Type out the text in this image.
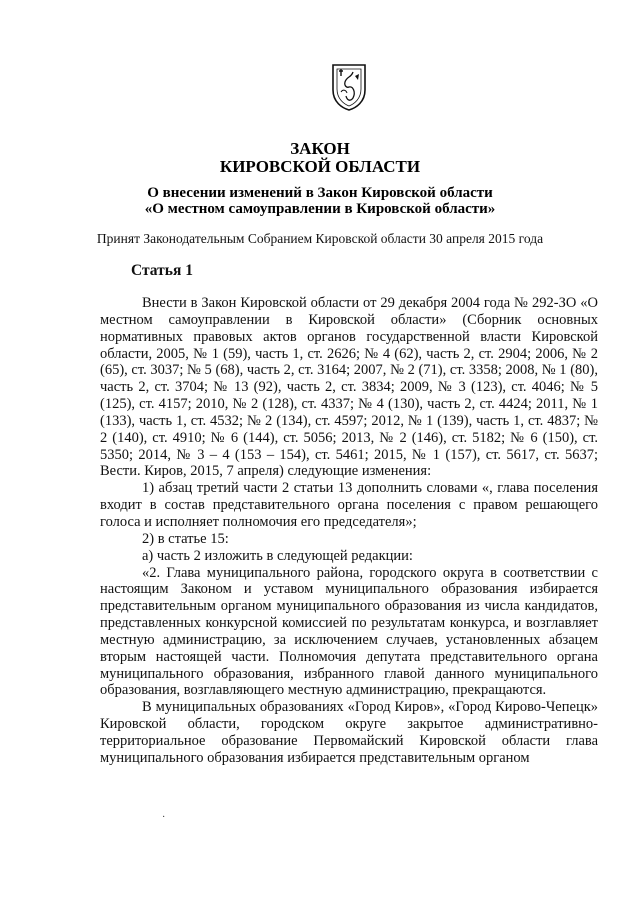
ЗАКОН
КИРОВСКОЙ ОБЛАСТИ
О внесении изменений в Закон Кировской области
«О местном самоуправлении в Кировской области»
Принят Законодательным Собранием Кировской области 30 апреля 2015 года
Статья 1

Внести в Закон Кировской области от 29 декабря 2004 года № 292-ЗО «О местном самоуправлении в Кировской области» (Сборник основных нормативных правовых актов органов государственной власти Кировской области, 2005, № 1 (59), часть 1, ст. 2626; № 4 (62), часть 2, ст. 2904; 2006, № 2 (65), ст. 3037; № 5 (68), часть 2, ст. 3164; 2007, № 2 (71), ст. 3358; 2008, № 1 (80), часть 2, ст. 3704; № 13 (92), часть 2, ст. 3834; 2009, № 3 (123), ст. 4046; № 5 (125), ст. 4157; 2010, № 2 (128), ст. 4337; № 4 (130), часть 2, ст. 4424; 2011, № 1 (133), часть 1, ст. 4532; № 2 (134), ст. 4597; 2012, № 1 (139), часть 1, ст. 4837; № 2 (140), ст. 4910; № 6 (144), ст. 5056; 2013, № 2 (146), ст. 5182; № 6 (150), ст. 5350; 2014, № 3 – 4 (153 – 154), ст. 5461; 2015, № 1 (157), ст. 5617, ст. 5637; Вести. Киров, 2015, 7 апреля) следующие изменения:

1) абзац третий части 2 статьи 13 дополнить словами «, глава поселения входит в состав представительного органа поселения с правом решающего голоса и исполняет полномочия его председателя»;

2) в статье 15:

а) часть 2 изложить в следующей редакции:

«2. Глава муниципального района, городского округа в соответствии с настоящим Законом и уставом муниципального образования избирается представительным органом муниципального образования из числа кандидатов, представленных конкурсной комиссией по результатам конкурса, и возглавляет местную администрацию, за исключением случаев, установленных абзацем вторым настоящей части. Полномочия депутата представительного органа муниципального образования, избранного главой данного муниципального образования, возглавляющего местную администрацию, прекращаются.

В муниципальных образованиях «Город Киров», «Город Кирово-Чепецк» Кировской области, городском округе закрытое административно-территориальное образование Первомайский Кировской области глава муниципального образования избирается представительным органом

·
